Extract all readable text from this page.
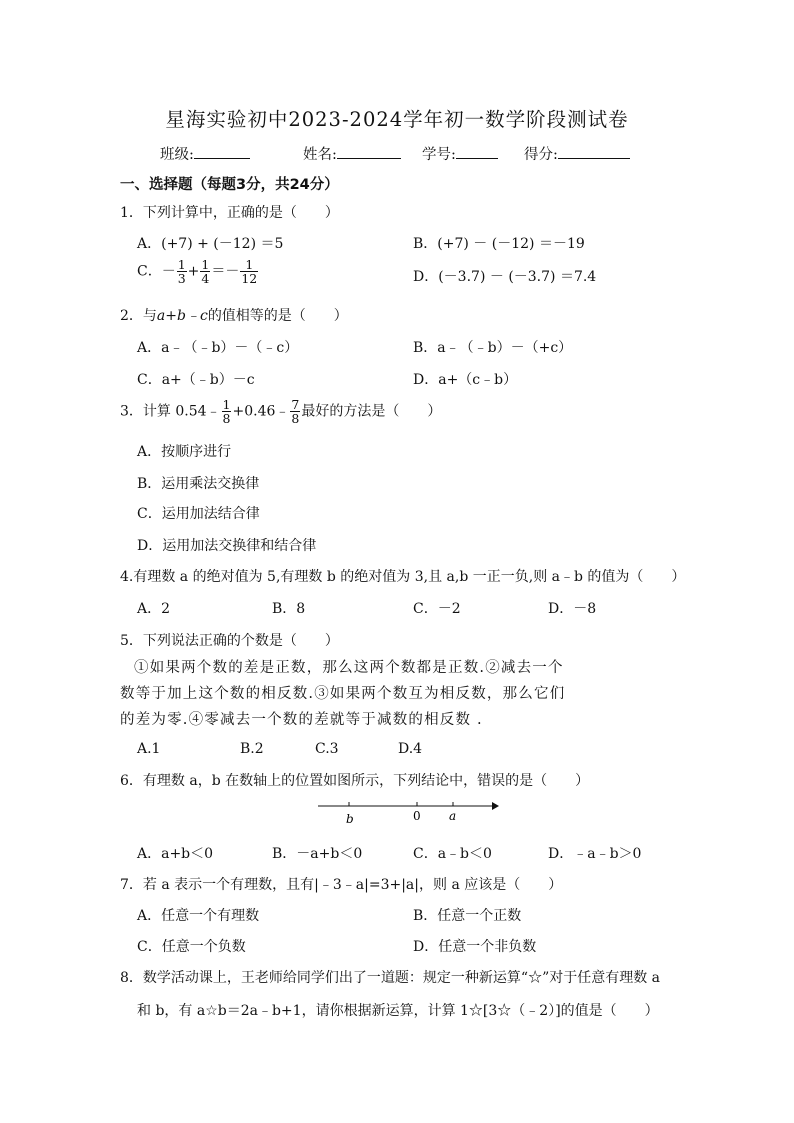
星海实验初中2023-2024学年初一数学阶段测试卷
班级:	姓名:	学号:	得分:
一、选择题（每题3分，共24分）
1．下列计算中，正确的是（　　）
A．(+7) + (－12) ＝5	B．(+7) － (－12) ＝－19
C．－ $\frac{1}{3} + \frac{1}{4} =- \frac{1}{12}$	D．(－3.7) － (－3.7) ＝7.4
2．与a+b﹣c的值相等的是（　　）
A．a﹣（﹣b）－（﹣c）	B．a﹣（﹣b）－（+c）
C．a+（﹣b）－c	D．a+（c﹣b）
3．计算 0.54﹣ $\frac{1}{8}$ +0.46﹣ $\frac{7}{8}$ 最好的方法是（　　）
A．按顺序进行
B．运用乘法交换律
C．运用加法结合律
D．运用加法交换律和结合律
4.有理数 a 的绝对值为 5,有理数 b 的绝对值为 3,且 a,b 一正一负,则 a﹣b 的值为（　　）
A．2	B．8	C．－2	D．－8
5．下列说法正确的个数是（　　）
①如果两个数的差是正数，那么这两个数都是正数.②减去一个
数等于加上这个数的相反数.③如果两个数互为相反数，那么它们
的差为零.④零减去一个数的差就等于减数的相反数 .
A.1	B.2	C.3	D.4
6．有理数 a，b 在数轴上的位置如图所示，下列结论中，错误的是（　　）
b	0 a
A．a+b＜0	B．－a+b＜0	C．a﹣b＜0	D．﹣a﹣b＞0
7．若 a 表示一个有理数，且有|﹣3﹣a|=3+|a|，则 a 应该是（　　）
A．任意一个有理数	B．任意一个正数
C．任意一个负数	D．任意一个非负数
8．数学活动课上，王老师给同学们出了一道题：规定一种新运算“☆”对于任意有理数 a
和 b，有 a☆b＝2a﹣b+1，请你根据新运算，计算 1☆[3☆（﹣2）]的值是（　　）
